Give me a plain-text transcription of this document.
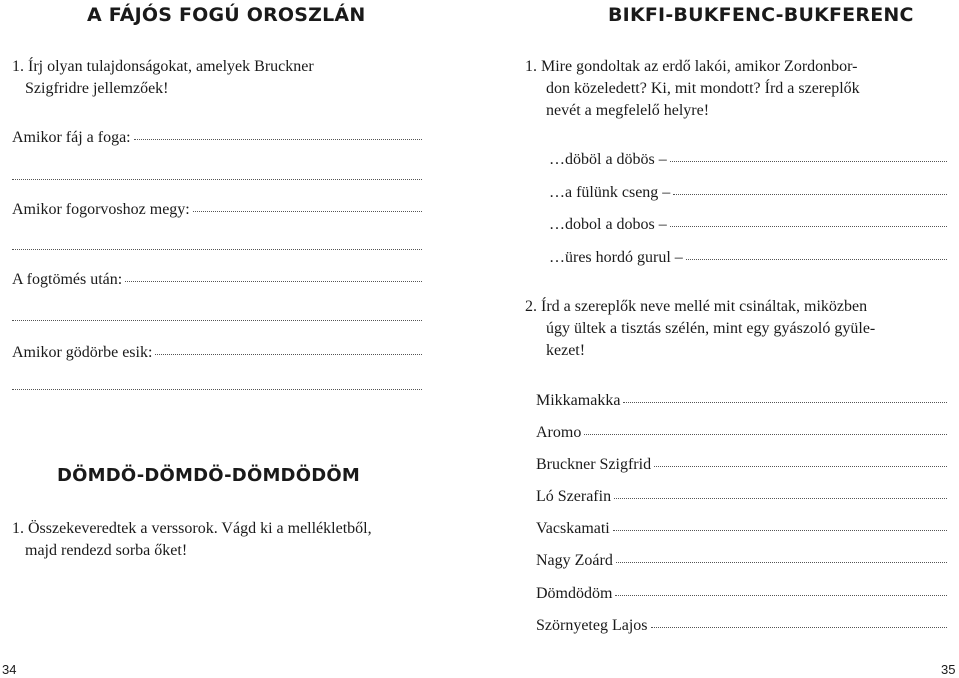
A FÁJÓS FOGÚ OROSZLÁN
1. Írj olyan tulajdonságokat, amelyek Bruckner
Szigfridre jellemzőek!
Amikor fáj a foga:
Amikor fogorvoshoz megy:
A fogtömés után:
Amikor gödörbe esik:
DÖMDÖ-DÖMDÖ-DÖMDÖDÖM
1. Összekeveredtek a verssorok. Vágd ki a mellékletből,
majd rendezd sorba őket!
34
BIKFI-BUKFENC-BUKFERENC
1. Mire gondoltak az erdő lakói, amikor Zordonbor-
don közeledett? Ki, mit mondott? Írd a szereplők
nevét a megfelelő helyre!
…döböl a döbös –
…a fülünk cseng –
…dobol a dobos –
…üres hordó gurul –
2. Írd a szereplők neve mellé mit csináltak, miközben
úgy ültek a tisztás szélén, mint egy gyászoló gyüle-
kezet!
Mikkamakka
Aromo
Bruckner Szigfrid
Ló Szerafin
Vacskamati
Nagy Zoárd
Dömdödöm
Szörnyeteg Lajos
35
